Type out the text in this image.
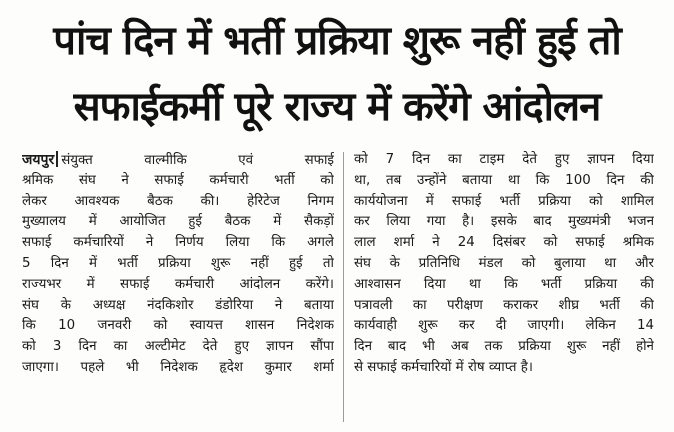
पांच दिन में भर्ती प्रक्रिया शुरू नहीं हुई तो
सफाईकर्मी पूरे राज्य में करेंगे आंदोलन
जयपुर संयुक्त वाल्मीकि एवं सफाई
श्रमिक संघ ने सफाई कर्मचारी भर्ती को
लेकर आवश्यक बैठक की। हेरिटेज निगम
मुख्यालय में आयोजित हुई बैठक में सैकड़ों
सफाई कर्मचारियों ने निर्णय लिया कि अगले
5 दिन में भर्ती प्रक्रिया शुरू नहीं हुई तो
राज्यभर में सफाई कर्मचारी आंदोलन करेंगे।
संघ के अध्यक्ष नंदकिशोर डंडोरिया ने बताया
कि 10 जनवरी को स्वायत्त शासन निदेशक
को 3 दिन का अल्टीमेट देते हुए ज्ञापन सौंपा
जाएगा। पहले भी निदेशक हृदेश कुमार शर्मा
को 7 दिन का टाइम देते हुए ज्ञापन दिया
था, तब उन्होंने बताया था कि 100 दिन की
कार्ययोजना में सफाई भर्ती प्रक्रिया को शामिल
कर लिया गया है। इसके बाद मुख्यमंत्री भजन
लाल शर्मा ने 24 दिसंबर को सफाई श्रमिक
संघ के प्रतिनिधि मंडल को बुलाया था और
आश्वासन दिया था कि भर्ती प्रक्रिया की
पत्रावली का परीक्षण कराकर शीघ्र भर्ती की
कार्यवाही शुरू कर दी जाएगी। लेकिन 14
दिन बाद भी अब तक प्रक्रिया शुरू नहीं होने
से सफाई कर्मचारियों में रोष व्याप्त है।
